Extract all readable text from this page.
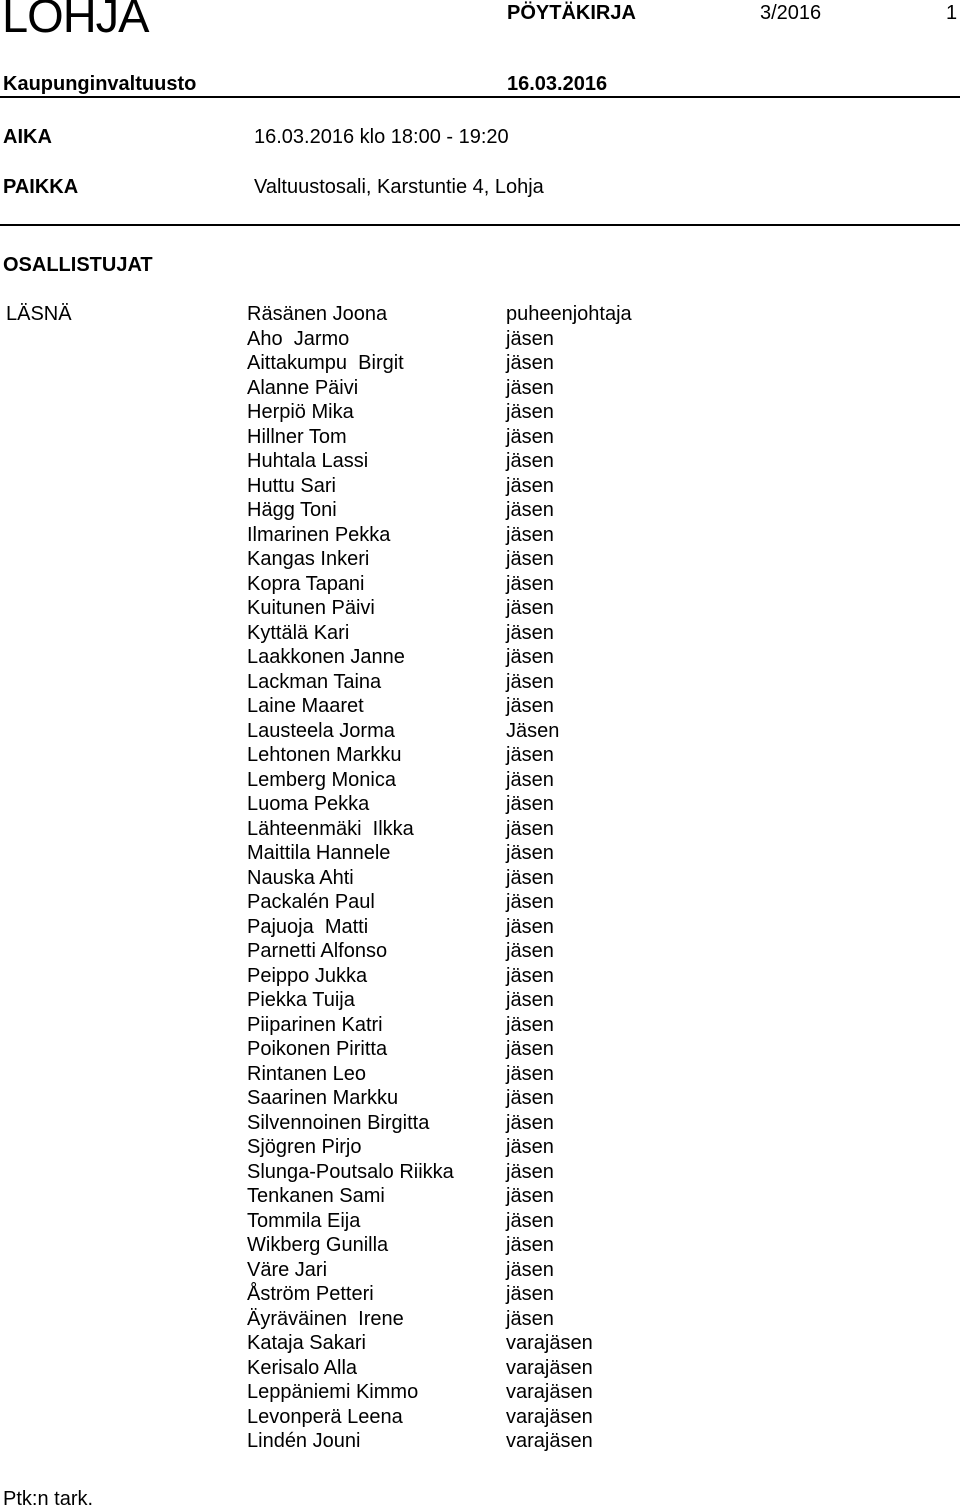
LOHJA	PÖYTÄKIRJA	3/2016	1
Kaupunginvaltuusto	16.03.2016
AIKA	16.03.2016 klo 18:00 - 19:20
PAIKKA	Valtuustosali, Karstuntie 4, Lohja
OSALLISTUJAT
LÄSNÄ	Räsänen Joona	puheenjohtaja
Aho  Jarmo	jäsen
Aittakumpu  Birgit	jäsen
Alanne Päivi	jäsen
Herpiö Mika	jäsen
Hillner Tom	jäsen
Huhtala Lassi	jäsen
Huttu Sari	jäsen
Hägg Toni	jäsen
Ilmarinen Pekka	jäsen
Kangas Inkeri	jäsen
Kopra Tapani	jäsen
Kuitunen Päivi	jäsen
Kyttälä Kari	jäsen
Laakkonen Janne	jäsen
Lackman Taina	jäsen
Laine Maaret	jäsen
Lausteela Jorma	Jäsen
Lehtonen Markku	jäsen
Lemberg Monica	jäsen
Luoma Pekka	jäsen
Lähteenmäki  Ilkka	jäsen
Maittila Hannele	jäsen
Nauska Ahti	jäsen
Packalén Paul	jäsen
Pajuoja  Matti	jäsen
Parnetti Alfonso	jäsen
Peippo Jukka	jäsen
Piekka Tuija	jäsen
Piiparinen Katri	jäsen
Poikonen Piritta	jäsen
Rintanen Leo	jäsen
Saarinen Markku	jäsen
Silvennoinen Birgitta	jäsen
Sjögren Pirjo	jäsen
Slunga-Poutsalo Riikka	jäsen
Tenkanen Sami	jäsen
Tommila Eija	jäsen
Wikberg Gunilla	jäsen
Väre Jari	jäsen
Åström Petteri	jäsen
Äyräväinen  Irene	jäsen
Kataja Sakari	varajäsen
Kerisalo Alla	varajäsen
Leppäniemi Kimmo	varajäsen
Levonperä Leena	varajäsen
Lindén Jouni	varajäsen
Ptk:n tark.
